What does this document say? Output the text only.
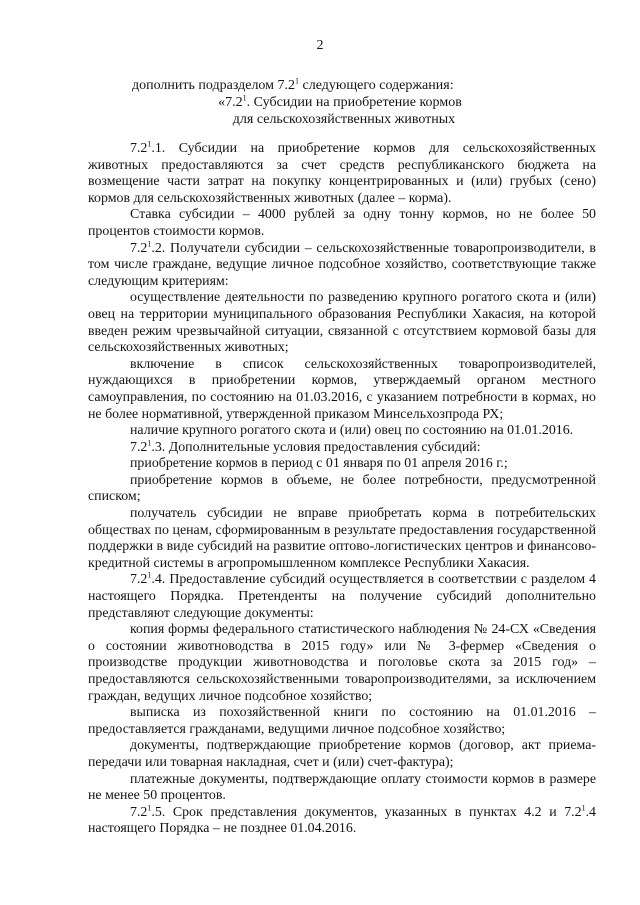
2
дополнить подразделом $7.2^1$ следующего содержания:
«$7.2^1$. Субсидии на приобретение кормов
для сельскохозяйственных животных

$7.2^1.1$. Субсидии на приобретение кормов для сельскохозяйственных животных предоставляются за счет средств республиканского бюджета на возмещение части затрат на покупку концентрированных и (или) грубых (сено) кормов для сельскохозяйственных животных (далее – корма).

Ставка субсидии – 4000 рублей за одну тонну кормов, но не более 50 процентов стоимости кормов.

$7.2^1.2$. Получатели субсидии – сельскохозяйственные товаропроизводители, в том числе граждане, ведущие личное подсобное хозяйство, соответствующие также следующим критериям:

осуществление деятельности по разведению крупного рогатого скота и (или) овец на территории муниципального образования Республики Хакасия, на которой введен режим чрезвычайной ситуации, связанной с отсутствием кормовой базы для сельскохозяйственных животных;

включение в список сельскохозяйственных товаропроизводителей, нуждающихся в приобретении кормов, утверждаемый органом местного самоуправления, по состоянию на 01.03.2016, с указанием потребности в кормах, но не более нормативной, утвержденной приказом Минсельхозпрода РХ;

наличие крупного рогатого скота и (или) овец по состоянию на 01.01.2016.

$7.2^1.3$. Дополнительные условия предоставления субсидий:

приобретение кормов в период с 01 января по 01 апреля 2016 г.;

приобретение кормов в объеме, не более потребности, предусмотренной списком;

получатель субсидии не вправе приобретать корма в потребительских обществах по ценам, сформированным в результате предоставления государственной поддержки в виде субсидий на развитие оптово-логистических центров и финансово-кредитной системы в агропромышленном комплексе Республики Хакасия.

$7.2^1.4$. Предоставление субсидий осуществляется в соответствии с разделом 4 настоящего Порядка. Претенденты на получение субсидий дополнительно представляют следующие документы:

копия формы федерального статистического наблюдения № 24-СХ «Сведения о состоянии животноводства в 2015 году» или № 3-фермер «Сведения о производстве продукции животноводства и поголовье скота за 2015 год» – предоставляются сельскохозяйственными товаропроизводителями, за исключением граждан, ведущих личное подсобное хозяйство;

выписка из похозяйственной книги по состоянию на 01.01.2016 – предоставляется гражданами, ведущими личное подсобное хозяйство;

документы, подтверждающие приобретение кормов (договор, акт приема-передачи или товарная накладная, счет и (или) счет-фактура);

платежные документы, подтверждающие оплату стоимости кормов в размере не менее 50 процентов.

$7.2^1.5$. Срок представления документов, указанных в пунктах 4.2 и $7.2^1.4$ настоящего Порядка – не позднее 01.04.2016.
